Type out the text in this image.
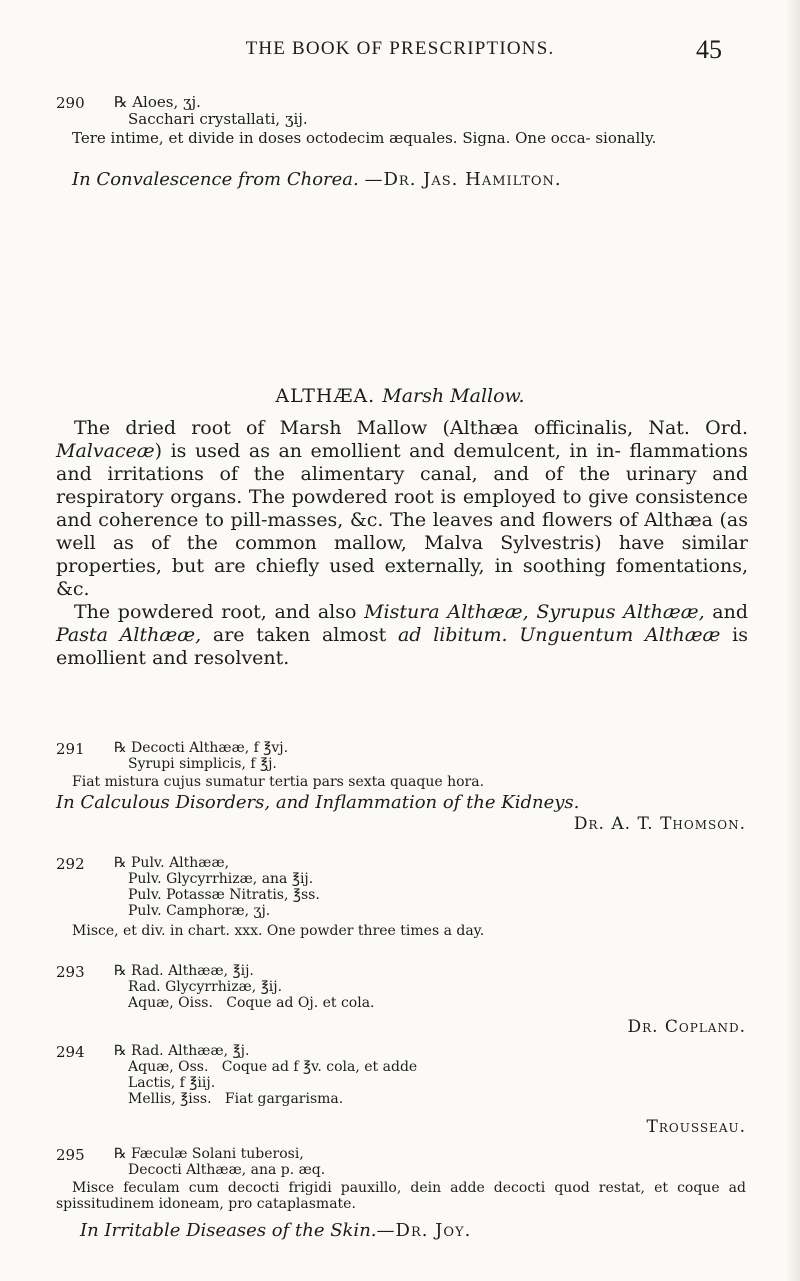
THE BOOK OF PRESCRIPTIONS.	45
290 ℞ Aloes, ʒj.
Sacchari crystallati, ʒij.
Tere intime, et divide in doses octodecim æquales. Signa. One occa- sionally.
In Convalescence from Chorea. —Dr. Jas. Hamilton.
ALTHÆA. Marsh Mallow.
The dried root of Marsh Mallow (Althæa officinalis, Nat. Ord. Malvaceæ) is used as an emollient and demulcent, in in- flammations and irritations of the alimentary canal, and of the urinary and respiratory organs. The powdered root is employed to give consistence and coherence to pill-masses, &c. The leaves and flowers of Althæa (as well as of the common mallow, Malva Sylvestris) have similar properties, but are chiefly used externally, in soothing fomentations, &c.
The powdered root, and also Mistura Althææ, Syrupus Althææ, and Pasta Althææ, are taken almost ad libitum. Unguentum Althææ is emollient and resolvent.
291 ℞ Decocti Althææ, f ℥vj.
Syrupi simplicis, f ℥j.
Fiat mistura cujus sumatur tertia pars sexta quaque hora.
In Calculous Disorders, and Inflammation of the Kidneys.
Dr. A. T. Thomson.
292 ℞ Pulv. Althææ,
Pulv. Glycyrrhizæ, ana ℥ij.
Pulv. Potassæ Nitratis, ℥ss.
Pulv. Camphoræ, ʒj.
Misce, et div. in chart. xxx. One powder three times a day.
293 ℞ Rad. Althææ, ℥ij.
Rad. Glycyrrhizæ, ℥ij.
Aquæ, Oiss.   Coque ad Oj. et cola.
Dr. Copland.
294 ℞ Rad. Althææ, ℥j.
Aquæ, Oss.   Coque ad f ℥v. cola, et adde
Lactis, f ℥iij.
Mellis, ℥iss.   Fiat gargarisma.
Trousseau.
295 ℞ Fæculæ Solani tuberosi,
Decocti Althææ, ana p. æq.
Misce feculam cum decocti frigidi pauxillo, dein adde decocti quod restat, et coque ad spissitudinem idoneam, pro cataplasmate.
In Irritable Diseases of the Skin.—Dr. Joy.
